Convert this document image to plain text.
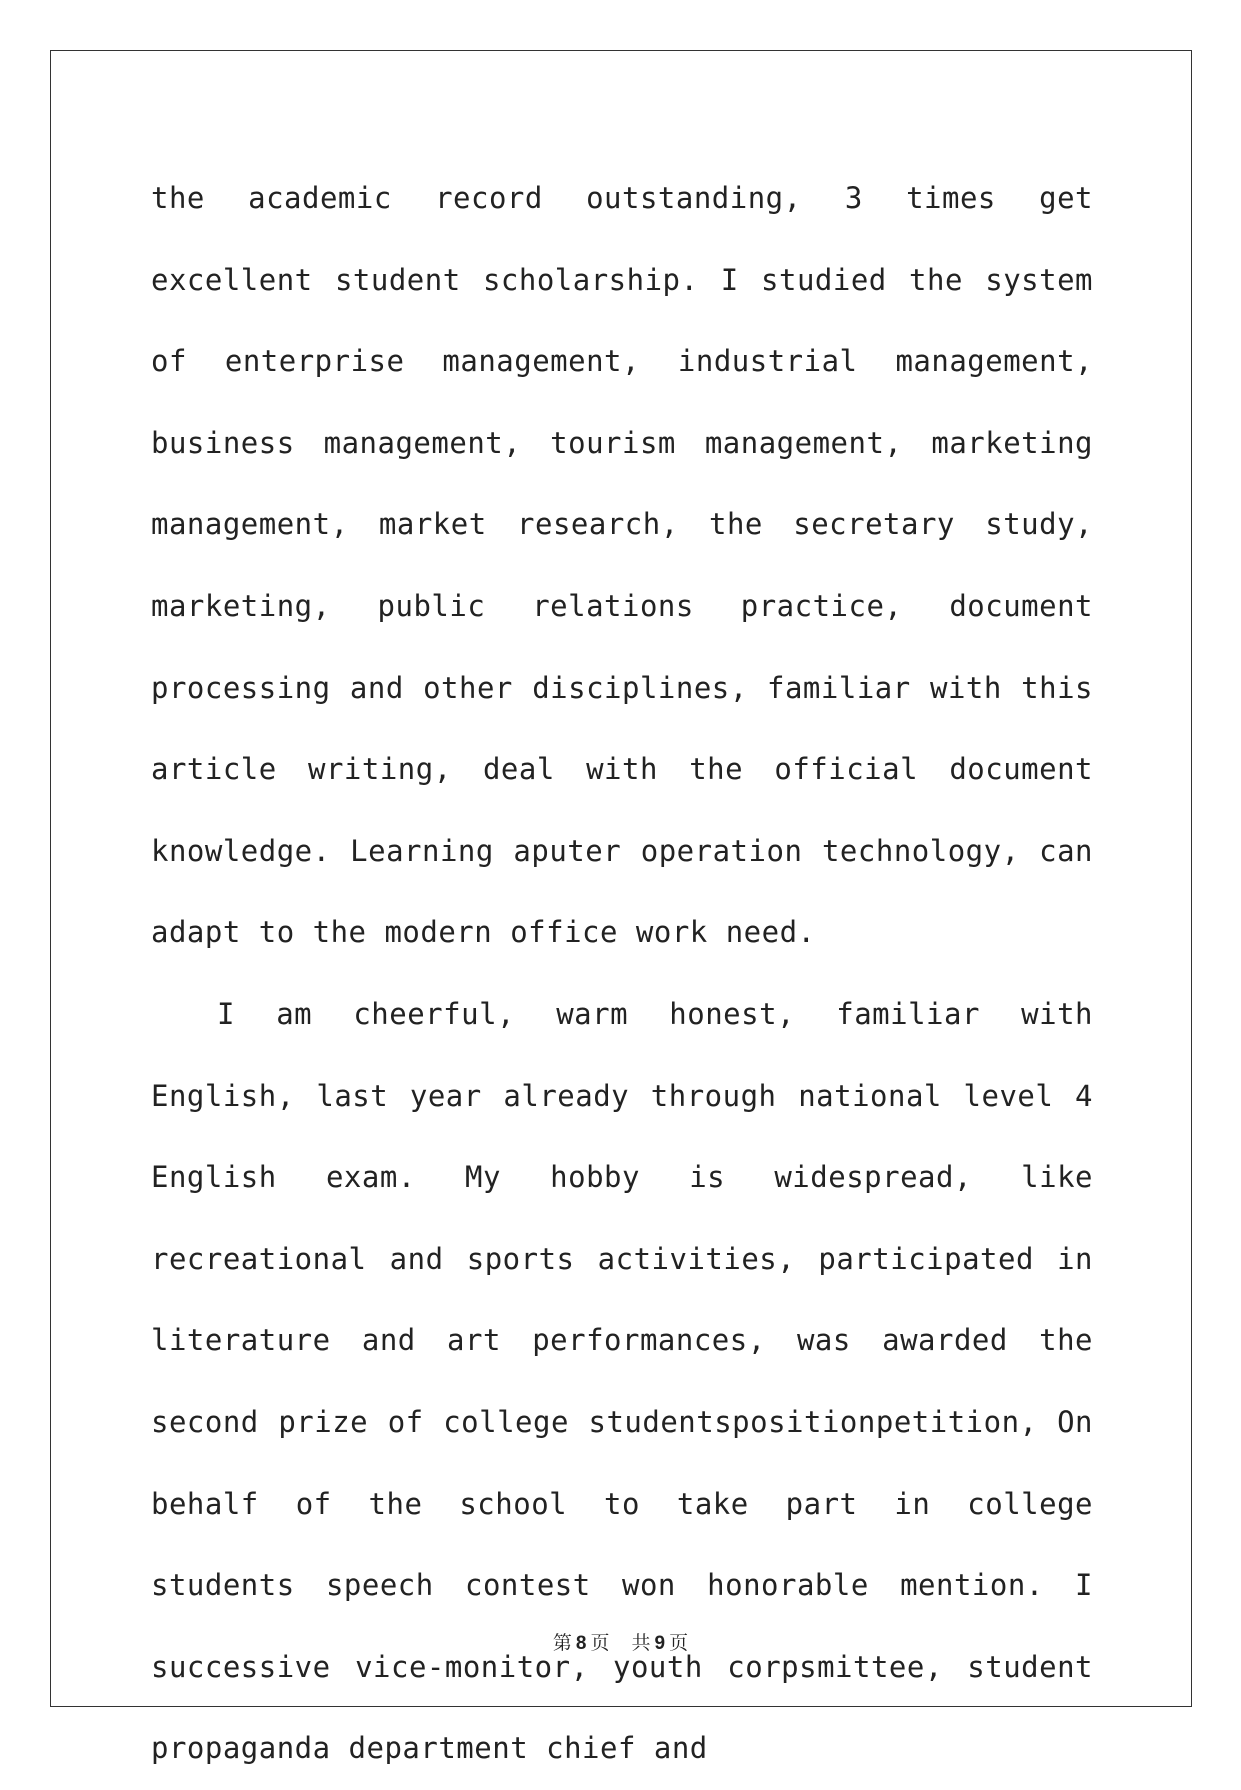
the academic record outstanding, 3 times get excellent student scholarship. I studied the system of enterprise management, industrial management, business management, tourism management, marketing management, market research, the secretary study, marketing, public relations practice, document processing and other disciplines, familiar with this article writing, deal with the official document knowledge. Learning aputer operation technology, can adapt to the modern office work need.

I am cheerful, warm honest, familiar with English, last year already through national level 4 English exam. My hobby is widespread, like recreational and sports activities, participated in literature and art performances, was awarded the second prize of college studentspositionpetition, On behalf of the school to take part in college students speech contest won honorable mention. I successive vice-monitor, youth corpsmittee, student propaganda department chief and

第 8 页 共 9 页
